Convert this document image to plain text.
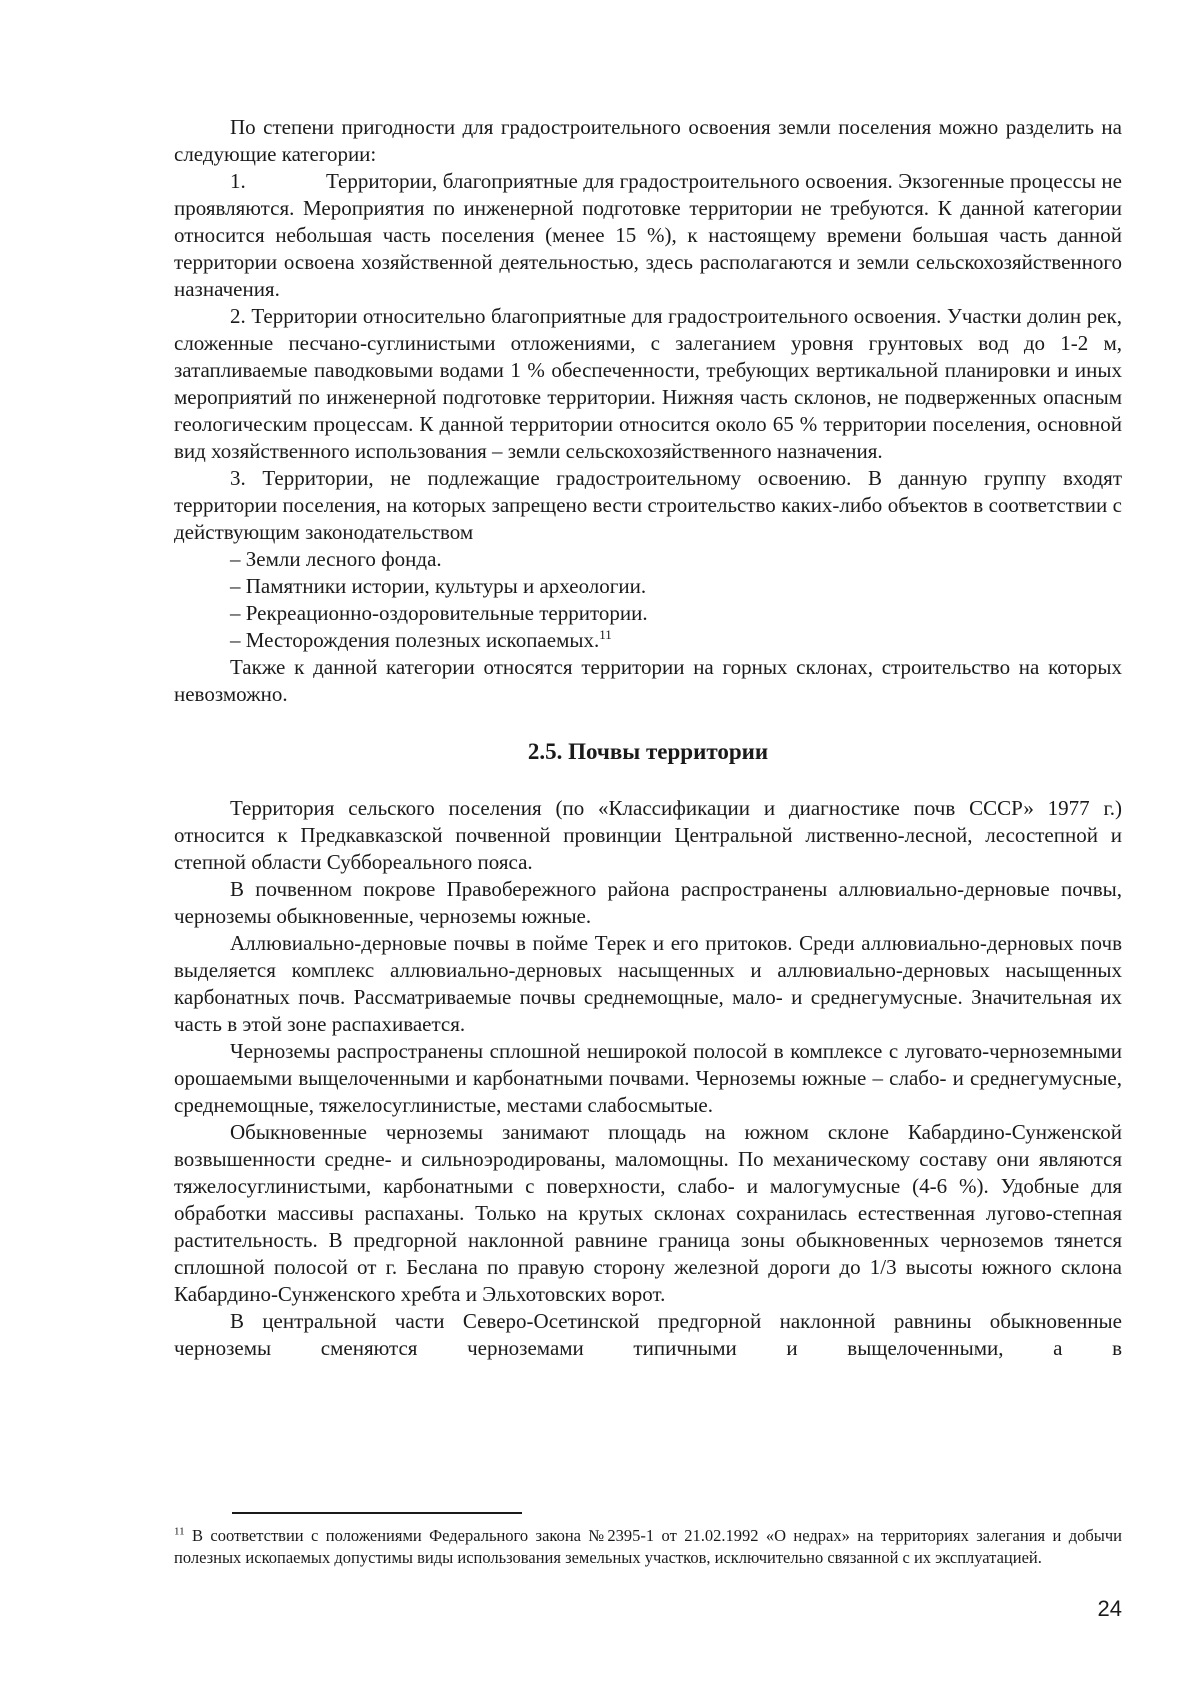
По степени пригодности для градостроительного освоения земли поселения можно разделить на следующие категории:

1.	Территории, благоприятные для градостроительного освоения. Экзогенные процессы не проявляются. Мероприятия по инженерной подготовке территории не требуются. К данной категории относится небольшая часть поселения (менее 15 %), к настоящему времени большая часть данной территории освоена хозяйственной деятельностью, здесь располагаются и земли сельскохозяйственного назначения.

2. Территории относительно благоприятные для градостроительного освоения. Участки долин рек, сложенные песчано-суглинистыми отложениями, с залеганием уровня грунтовых вод до 1-2 м, затапливаемые паводковыми водами 1 % обеспеченности, требующих вертикальной планировки и иных мероприятий по инженерной подготовке территории. Нижняя часть склонов, не подверженных опасным геологическим процессам. К данной территории относится около 65 % территории поселения, основной вид хозяйственного использования – земли сельскохозяйственного назначения.

3. Территории, не подлежащие градостроительному освоению. В данную группу входят территории поселения, на которых запрещено вести строительство каких-либо объектов в соответствии с действующим законодательством

– Земли лесного фонда.

– Памятники истории, культуры и археологии.

– Рекреационно-оздоровительные территории.

– Месторождения полезных ископаемых.$^{11}$

Также к данной категории относятся территории на горных склонах, строительство на которых невозможно.

2.5. Почвы территории

Территория сельского поселения (по «Классификации и диагностике почв СССР» 1977 г.) относится к Предкавказской почвенной провинции Центральной лиственно-лесной, лесостепной и степной области Суббореального пояса.

В почвенном покрове Правобережного района распространены аллювиально-дерновые почвы, черноземы обыкновенные, черноземы южные.

Аллювиально-дерновые почвы в пойме Терек и его притоков. Среди аллювиально-дерновых почв выделяется комплекс аллювиально-дерновых насыщенных и аллювиально-дерновых насыщенных карбонатных почв. Рассматриваемые почвы среднемощные, мало- и среднегумусные. Значительная их часть в этой зоне распахивается.

Черноземы распространены сплошной неширокой полосой в комплексе с луговато-черноземными орошаемыми выщелоченными и карбонатными почвами. Черноземы южные – слабо- и среднегумусные, среднемощные, тяжелосуглинистые, местами слабосмытые.

Обыкновенные черноземы занимают площадь на южном склоне Кабардино-Сунженской возвышенности средне- и сильноэродированы, маломощны. По механическому составу они являются тяжелосуглинистыми, карбонатными с поверхности, слабо- и малогумусные (4-6 %). Удобные для обработки массивы распаханы. Только на крутых склонах сохранилась естественная лугово-степная растительность. В предгорной наклонной равнине граница зоны обыкновенных черноземов тянется сплошной полосой от г. Беслана по правую сторону железной дороги до 1/3 высоты южного склона Кабардино-Сунженского хребта и Эльхотовских ворот.

В центральной части Северо-Осетинской предгорной наклонной равнины обыкновенные черноземы сменяются черноземами типичными и выщелоченными, а в

$^{11}$ В соответствии с положениями Федерального закона №2395-1 от 21.02.1992 «О недрах» на территориях залегания и добычи полезных ископаемых допустимы виды использования земельных участков, исключительно связанной с их эксплуатацией.

24
